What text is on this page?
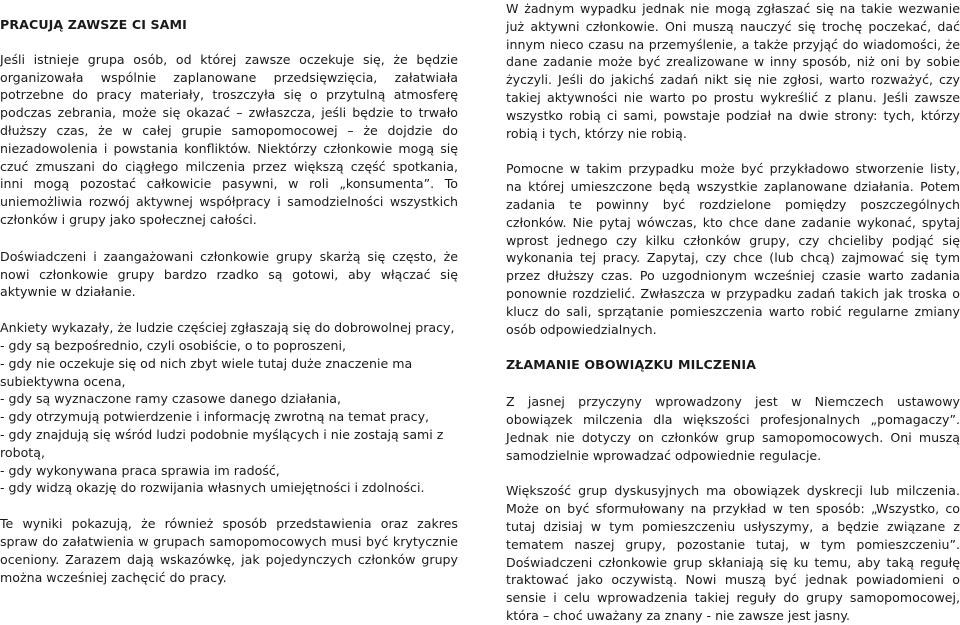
PRACUJĄ ZAWSZE CI SAMI

Jeśli istnieje grupa osób, od której zawsze oczekuje się, że będzie organizowała wspólnie zaplanowane przedsięwzięcia, załatwiała potrzebne do pracy materiały, troszczyła się o przytulną atmosferę podczas zebrania, może się okazać – zwłaszcza, jeśli będzie to trwało dłuższy czas, że w całej grupie samopomocowej – że dojdzie do niezadowolenia i powstania konfliktów. Niektórzy członkowie mogą się czuć zmuszani do ciągłego milczenia przez większą część spotkania, inni mogą pozostać całkowicie pasywni, w roli „konsumenta”. To uniemożliwia rozwój aktywnej współpracy i samodzielności wszystkich członków i grupy jako społecznej całości.

Doświadczeni i zaangażowani członkowie grupy skarżą się często, że nowi członkowie grupy bardzo rzadko są gotowi, aby włączać się aktywnie w działanie.

Ankiety wykazały, że ludzie częściej zgłaszają się do dobrowolnej pracy,

- gdy są bezpośrednio, czyli osobiście, o to poproszeni,
- gdy nie oczekuje się od nich zbyt wiele tutaj duże znaczenie ma subiektywna ocena,
- gdy są wyznaczone ramy czasowe danego działania,
- gdy otrzymują potwierdzenie i informację zwrotną na temat pracy,
- gdy znajdują się wśród ludzi podobnie myślących i nie zostają sami z robotą,
- gdy wykonywana praca sprawia im radość,
- gdy widzą okazję do rozwijania własnych umiejętności i zdolności.

Te wyniki pokazują, że również sposób przedstawienia oraz zakres spraw do załatwienia w grupach samopomocowych musi być krytycznie oceniony. Zarazem dają wskazówkę, jak pojedynczych członków grupy można wcześniej zachęcić do pracy.

W żadnym wypadku jednak nie mogą zgłaszać się na takie wezwanie już aktywni członkowie. Oni muszą nauczyć się trochę poczekać, dać innym nieco czasu na przemyślenie, a także przyjąć do wiadomości, że dane zadanie może być zrealizowane w inny sposób, niż oni by sobie życzyli. Jeśli do jakichś zadań nikt się nie zgłosi, warto rozważyć, czy takiej aktywności nie warto po prostu wykreślić z planu. Jeśli zawsze wszystko robią ci sami, powstaje podział na dwie strony: tych, którzy robią i tych, którzy nie robią.

Pomocne w takim przypadku może być przykładowo stworzenie listy, na której umieszczone będą wszystkie zaplanowane działania. Potem zadania te powinny być rozdzielone pomiędzy poszczególnych członków. Nie pytaj wówczas, kto chce dane zadanie wykonać, spytaj wprost jednego czy kilku członków grupy, czy chcieliby podjąć się wykonania tej pracy. Zapytaj, czy chce (lub chcą) zajmować się tym przez dłuższy czas. Po uzgodnionym wcześniej czasie warto zadania ponownie rozdzielić. Zwłaszcza w przypadku zadań takich jak troska o klucz do sali, sprzątanie pomieszczenia warto robić regularne zmiany osób odpowiedzialnych.

ZŁAMANIE OBOWIĄZKU MILCZENIA

Z jasnej przyczyny wprowadzony jest w Niemczech ustawowy obowiązek milczenia dla większości profesjonalnych „pomagaczy”. Jednak nie dotyczy on członków grup samopomocowych. Oni muszą samodzielnie wprowadzać odpowiednie regulacje.

Większość grup dyskusyjnych ma obowiązek dyskrecji lub milczenia. Może on być sformułowany na przykład w ten sposób: „Wszystko, co tutaj dzisiaj w tym pomieszczeniu usłyszymy, a będzie związane z tematem naszej grupy, pozostanie tutaj, w tym pomieszczeniu”. Doświadczeni członkowie grup skłaniają się ku temu, aby taką regułę traktować jako oczywistą. Nowi muszą być jednak powiadomieni o sensie i celu wprowadzenia takiej reguły do grupy samopomocowej, która – choć uważany za znany - nie zawsze jest jasny.
